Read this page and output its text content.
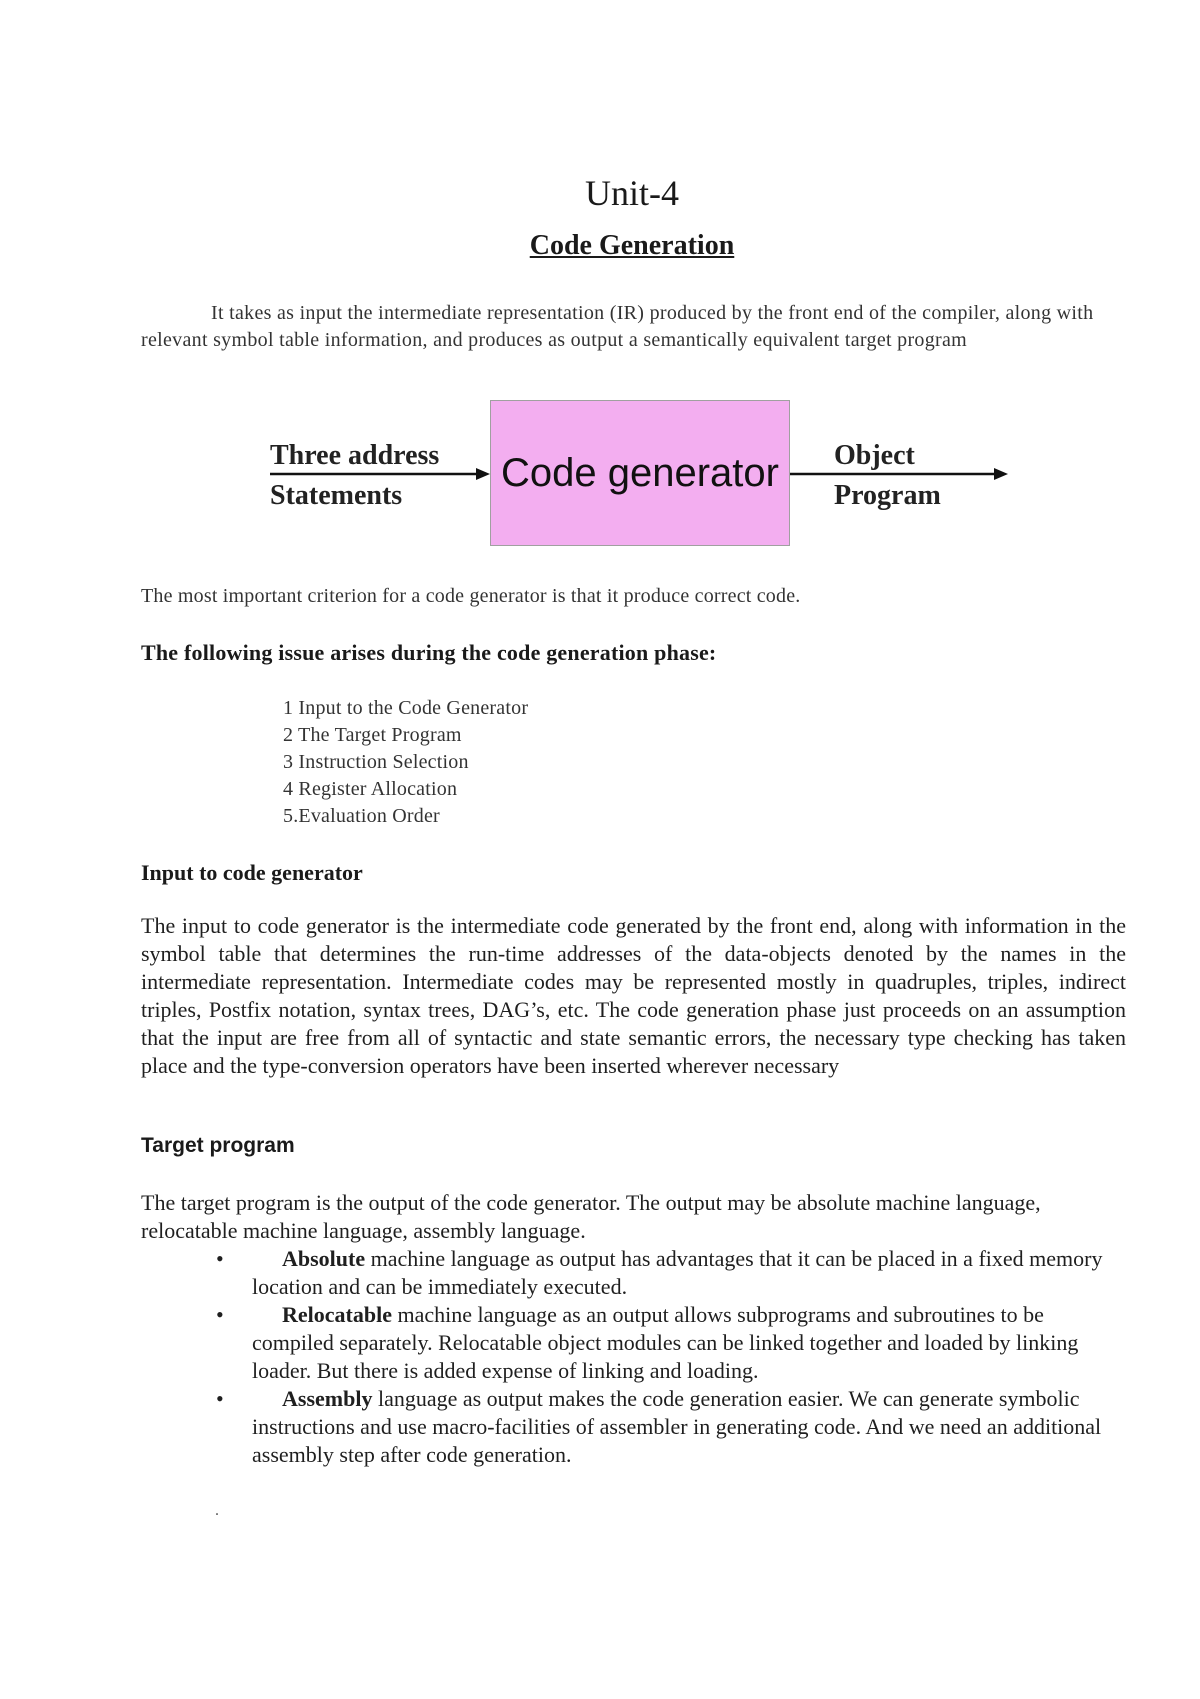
Unit-4
Code Generation
It takes as input the intermediate representation (IR) produced by the front end of the compiler, along with relevant symbol table information, and produces as output a semantically equivalent target program
Three address
Statements
Code generator	Object
Program
The most important criterion for a code generator is that it produce correct code.
The following issue arises during the code generation phase:
1 Input to the Code Generator
2 The Target Program
3 Instruction Selection
4 Register Allocation
5.Evaluation Order
Input to code generator
The input to code generator is the intermediate code generated by the front end, along with information in the symbol table that determines the run-time addresses of the data-objects denoted by the names in the intermediate representation. Intermediate codes may be represented mostly in quadruples, triples, indirect triples, Postfix notation, syntax trees, DAG’s, etc. The code generation phase just proceeds on an assumption that the input are free from all of syntactic and state semantic errors, the necessary type checking has taken place and the type-conversion operators have been inserted wherever necessary
Target program
The target program is the output of the code generator. The output may be absolute machine language, relocatable machine language, assembly language.
•	Absolute machine language as output has advantages that it can be placed in a fixed memory location and can be immediately executed.
•	Relocatable machine language as an output allows subprograms and subroutines to be compiled separately. Relocatable object modules can be linked together and loaded by linking loader. But there is added expense of linking and loading.
•	Assembly language as output makes the code generation easier. We can generate symbolic instructions and use macro-facilities of assembler in generating code. And we need an additional assembly step after code generation.
.
